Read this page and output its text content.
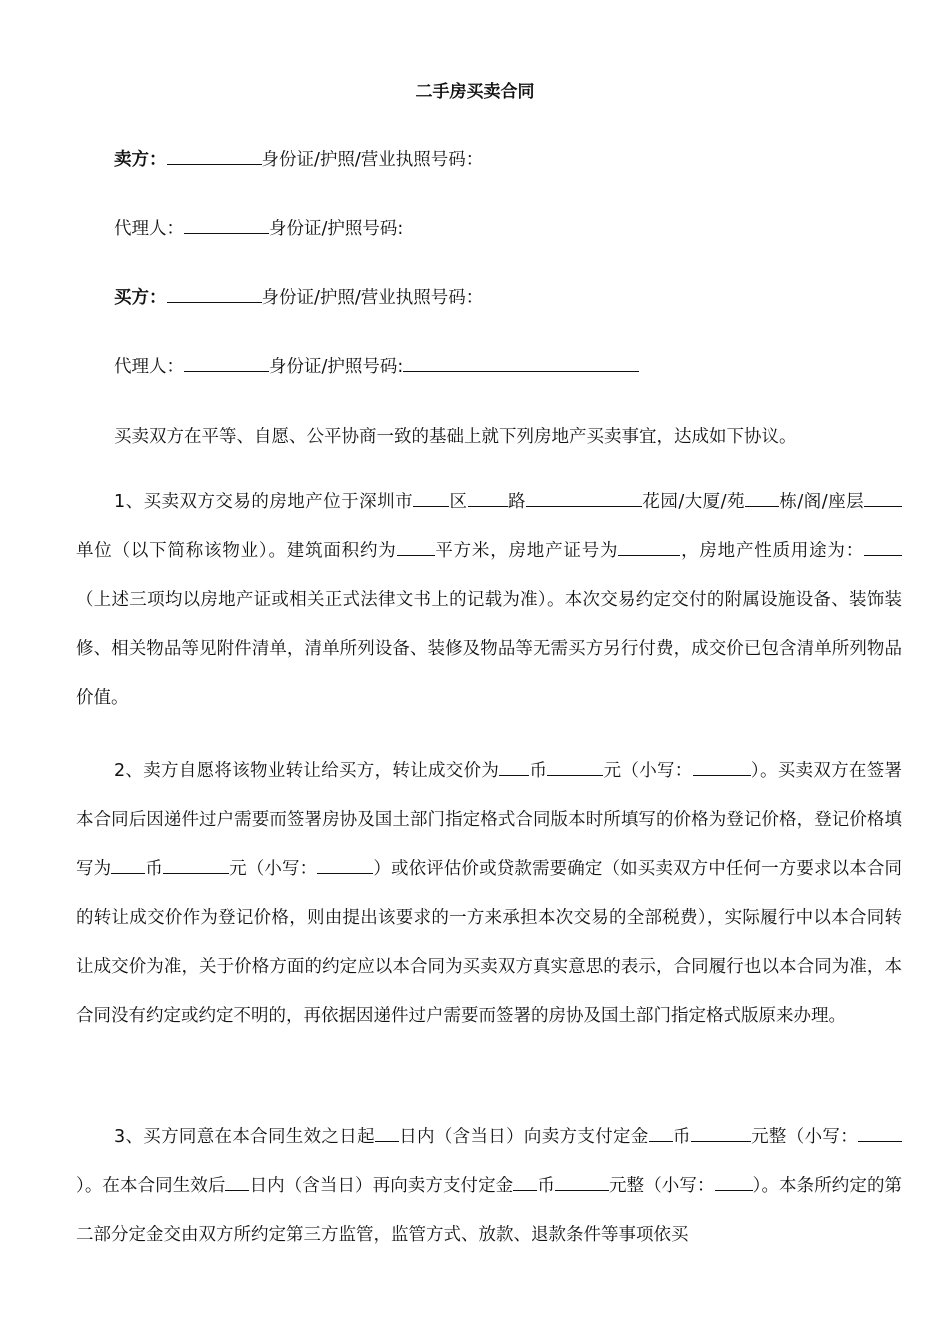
二手房买卖合同
卖方：	身份证/护照/营业执照号码：
代理人：	身份证/护照号码:
买方：	身份证/护照/营业执照号码：
代理人：	身份证/护照号码:
买卖双方在平等、自愿、公平协商一致的基础上就下列房地产买卖事宜，达成如下协议。
1、买卖双方交易的房地产位于深圳市 区 路	花园/大厦/苑 栋/阁/座层单位（以下简称该物业）。建筑面积约为 平方米，房地产证号为	，房地产性质用途为： （上述三项均以房地产证或相关正式法律文书上的记载为准）。本次交易约定交付的附属设施设备、装饰装修、相关物品等见附件清单，清单所列设备、装修及物品等无需买方另行付费，成交价已包含清单所列物品价值。
2、卖方自愿将该物业转让给买方，转让成交价为 币	元（小写：	）。买卖双方在签署本合同后因递件过户需要而签署房协及国土部门指定格式合同版本时所填写的价格为登记价格，登记价格填写为 币	元（小写：	）或依评估价或贷款需要确定（如买卖双方中任何一方要求以本合同的转让成交价作为登记价格，则由提出该要求的一方来承担本次交易的全部税费），实际履行中以本合同转让成交价为准，关于价格方面的约定应以本合同为买卖双方真实意思的表示，合同履行也以本合同为准，本合同没有约定或约定不明的，再依据因递件过户需要而签署的房协及国土部门指定格式版原来办理。
3、买方同意在本合同生效之日起 日内（含当日）向卖方支付定金 币	元整（小写：）。在本合同生效后 日内（含当日）再向卖方支付定金 币	元整（小写： ）。本条所约定的第二部分定金交由双方所约定第三方监管，监管方式、放款、退款条件等事项依买
